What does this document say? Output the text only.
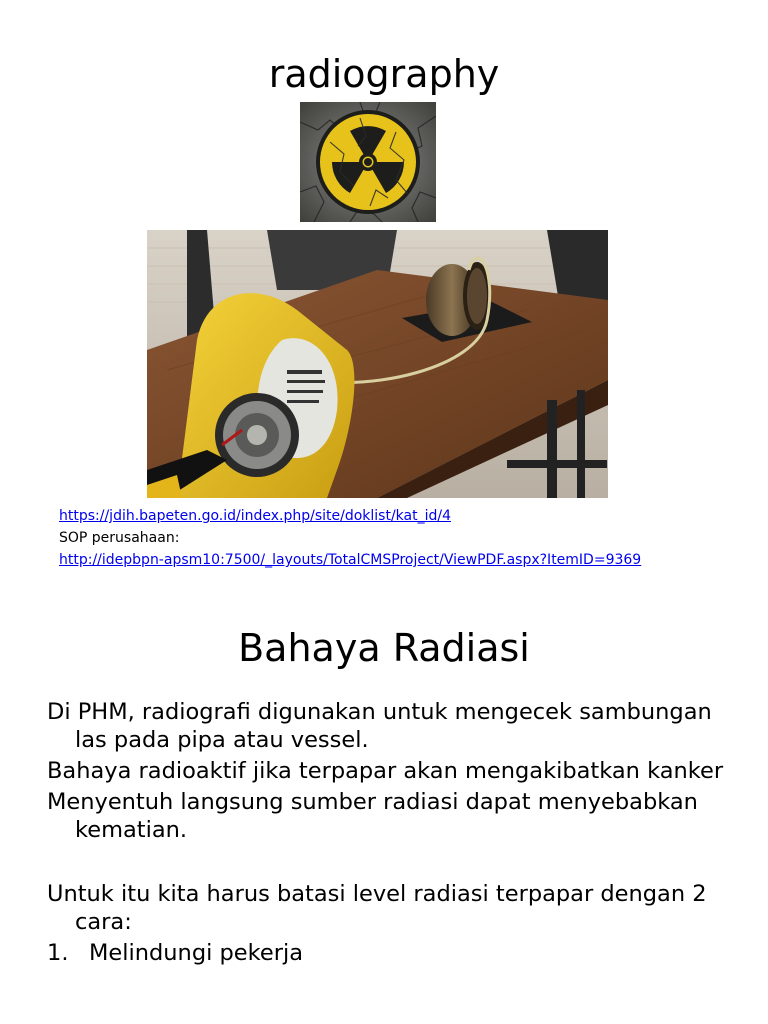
radiography
https://jdih.bapeten.go.id/index.php/site/doklist/kat_id/4
SOP perusahaan:
http://idepbpn-apsm10:7500/_layouts/TotalCMSProject/ViewPDF.aspx?ItemID=9369
Bahaya Radiasi

Di PHM, radiografi digunakan untuk mengecek sambungan las pada pipa atau vessel.

Bahaya radioaktif jika terpapar akan mengakibatkan kanker

Menyentuh langsung sumber radiasi dapat menyebabkan kematian.

Untuk itu kita harus batasi level radiasi terpapar dengan 2 cara:

1. Melindungi pekerja
